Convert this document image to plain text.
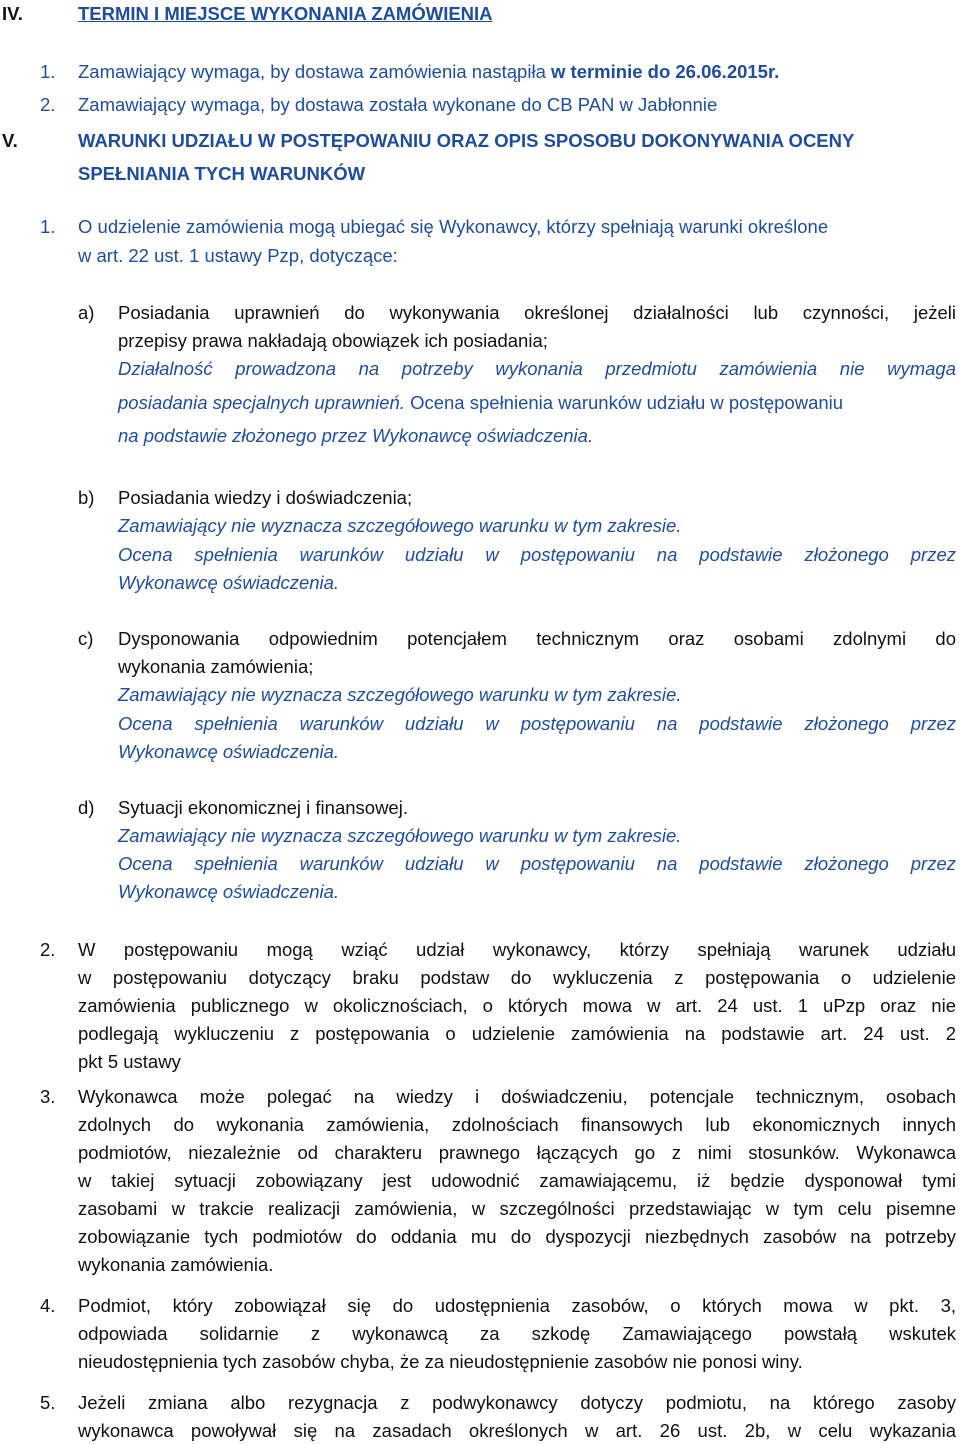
IV.	TERMIN I MIEJSCE WYKONANIA ZAMÓWIENIA
1. Zamawiający wymaga, by dostawa zamówienia nastąpiła w terminie do 26.06.2015r.
2. Zamawiający wymaga, by dostawa została wykonane do CB PAN w Jabłonnie
V.	WARUNKI UDZIAŁU W POSTĘPOWANIU ORAZ OPIS SPOSOBU DOKONYWANIA OCENY
SPEŁNIANIA TYCH WARUNKÓW
1. O udzielenie zamówienia mogą ubiegać się Wykonawcy, którzy spełniają warunki określone
w art. 22 ust. 1 ustawy Pzp, dotyczące:
a) Posiadania uprawnień do wykonywania określonej działalności lub czynności, jeżeli
przepisy prawa nakładają obowiązek ich posiadania;
Działalność prowadzona na potrzeby wykonania przedmiotu zamówienia nie wymaga
posiadania specjalnych uprawnień. Ocena spełnienia warunków udziału w postępowaniu
na podstawie złożonego przez Wykonawcę oświadczenia.
b) Posiadania wiedzy i doświadczenia;
Zamawiający nie wyznacza szczegółowego warunku w tym zakresie.
Ocena spełnienia warunków udziału w postępowaniu na podstawie złożonego przez
Wykonawcę oświadczenia.
c) Dysponowania odpowiednim potencjałem technicznym oraz osobami zdolnymi do
wykonania zamówienia;
Zamawiający nie wyznacza szczegółowego warunku w tym zakresie.
Ocena spełnienia warunków udziału w postępowaniu na podstawie złożonego przez
Wykonawcę oświadczenia.
d) Sytuacji ekonomicznej i finansowej.
Zamawiający nie wyznacza szczegółowego warunku w tym zakresie.
Ocena spełnienia warunków udziału w postępowaniu na podstawie złożonego przez
Wykonawcę oświadczenia.
2. W postępowaniu mogą wziąć udział wykonawcy, którzy spełniają warunek udziału
w postępowaniu dotyczący braku podstaw do wykluczenia z postępowania o udzielenie
zamówienia publicznego w okolicznościach, o których mowa w art. 24 ust. 1 uPzp oraz nie
podlegają wykluczeniu z postępowania o udzielenie zamówienia na podstawie art. 24 ust. 2
pkt 5 ustawy
3. Wykonawca może polegać na wiedzy i doświadczeniu, potencjale technicznym, osobach
zdolnych do wykonania zamówienia, zdolnościach finansowych lub ekonomicznych innych
podmiotów, niezależnie od charakteru prawnego łączących go z nimi stosunków. Wykonawca
w takiej sytuacji zobowiązany jest udowodnić zamawiającemu, iż będzie dysponował tymi
zasobami w trakcie realizacji zamówienia, w szczególności przedstawiając w tym celu pisemne
zobowiązanie tych podmiotów do oddania mu do dyspozycji niezbędnych zasobów na potrzeby
wykonania zamówienia.
4. Podmiot, który zobowiązał się do udostępnienia zasobów, o których mowa w pkt. 3,
odpowiada solidarnie z wykonawcą za szkodę Zamawiającego powstałą wskutek
nieudostępnienia tych zasobów chyba, że za nieudostępnienie zasobów nie ponosi winy.
5. Jeżeli zmiana albo rezygnacja z podwykonawcy dotyczy podmiotu, na którego zasoby
wykonawca powoływał się na zasadach określonych w art. 26 ust. 2b, w celu wykazania
